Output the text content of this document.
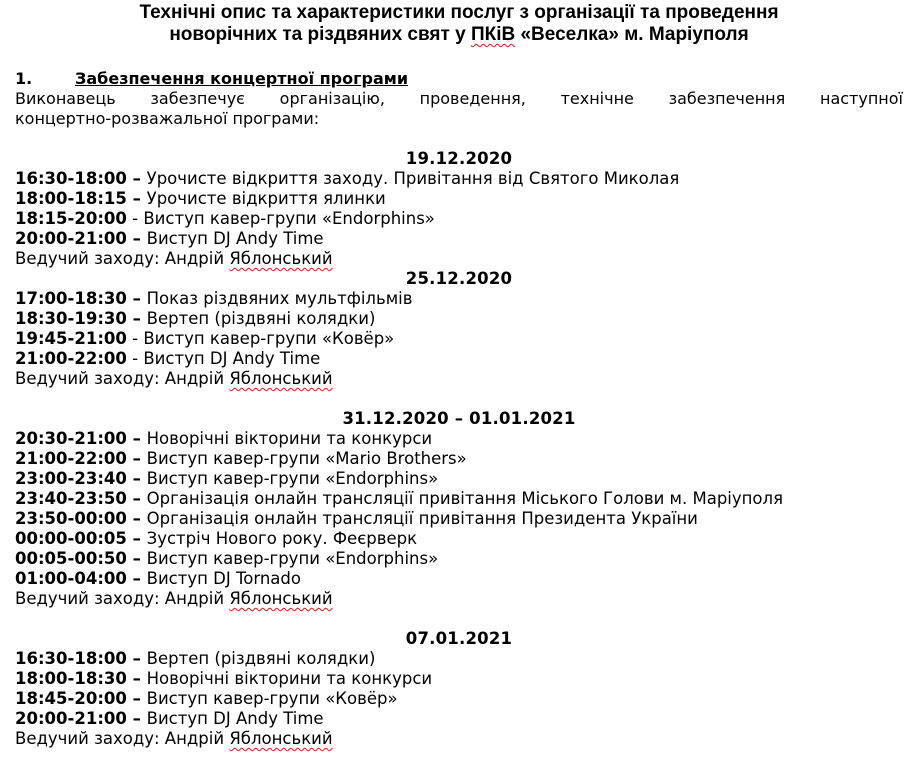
Технічні опис та характеристики послуг з організації та проведення
новорічних та різдвяних свят у ПКіВ «Веселка» м. Маріуполя
1.	Забезпечення концертної програми
Виконавець забезпечує організацію, проведення, технічне забезпечення наступної
концертно-розважальної програми:
19.12.2020
16:30-18:00 – Урочисте відкриття заходу. Привітання від Святого Миколая
18:00-18:15 – Урочисте відкриття ялинки
18:15-20:00 - Виступ кавер-групи «Endorphins»
20:00-21:00 – Виступ DJ Andy Time
Ведучий заходу: Андрій Яблонський
25.12.2020
17:00-18:30 – Показ різдвяних мультфільмів
18:30-19:30 – Вертеп (різдвяні колядки)
19:45-21:00 - Виступ кавер-групи «Ковёр»
21:00-22:00 - Виступ DJ Andy Time
Ведучий заходу: Андрій Яблонський
31.12.2020 – 01.01.2021
20:30-21:00 – Новорічні вікторини та конкурси
21:00-22:00 – Виступ кавер-групи «Mario Brothers»
23:00-23:40 – Виступ кавер-групи «Endorphins»
23:40-23:50 – Організація онлайн трансляції привітання Міського Голови м. Маріуполя
23:50-00:00 – Організація онлайн трансляції привітання Президента України
00:00-00:05 – Зустріч Нового року. Феєрверк
00:05-00:50 – Виступ кавер-групи «Endorphins»
01:00-04:00 – Виступ DJ Tornado
Ведучий заходу: Андрій Яблонський
07.01.2021
16:30-18:00 – Вертеп (різдвяні колядки)
18:00-18:30 – Новорічні вікторини та конкурси
18:45-20:00 – Виступ кавер-групи «Ковёр»
20:00-21:00 – Виступ DJ Andy Time
Ведучий заходу: Андрій Яблонський
